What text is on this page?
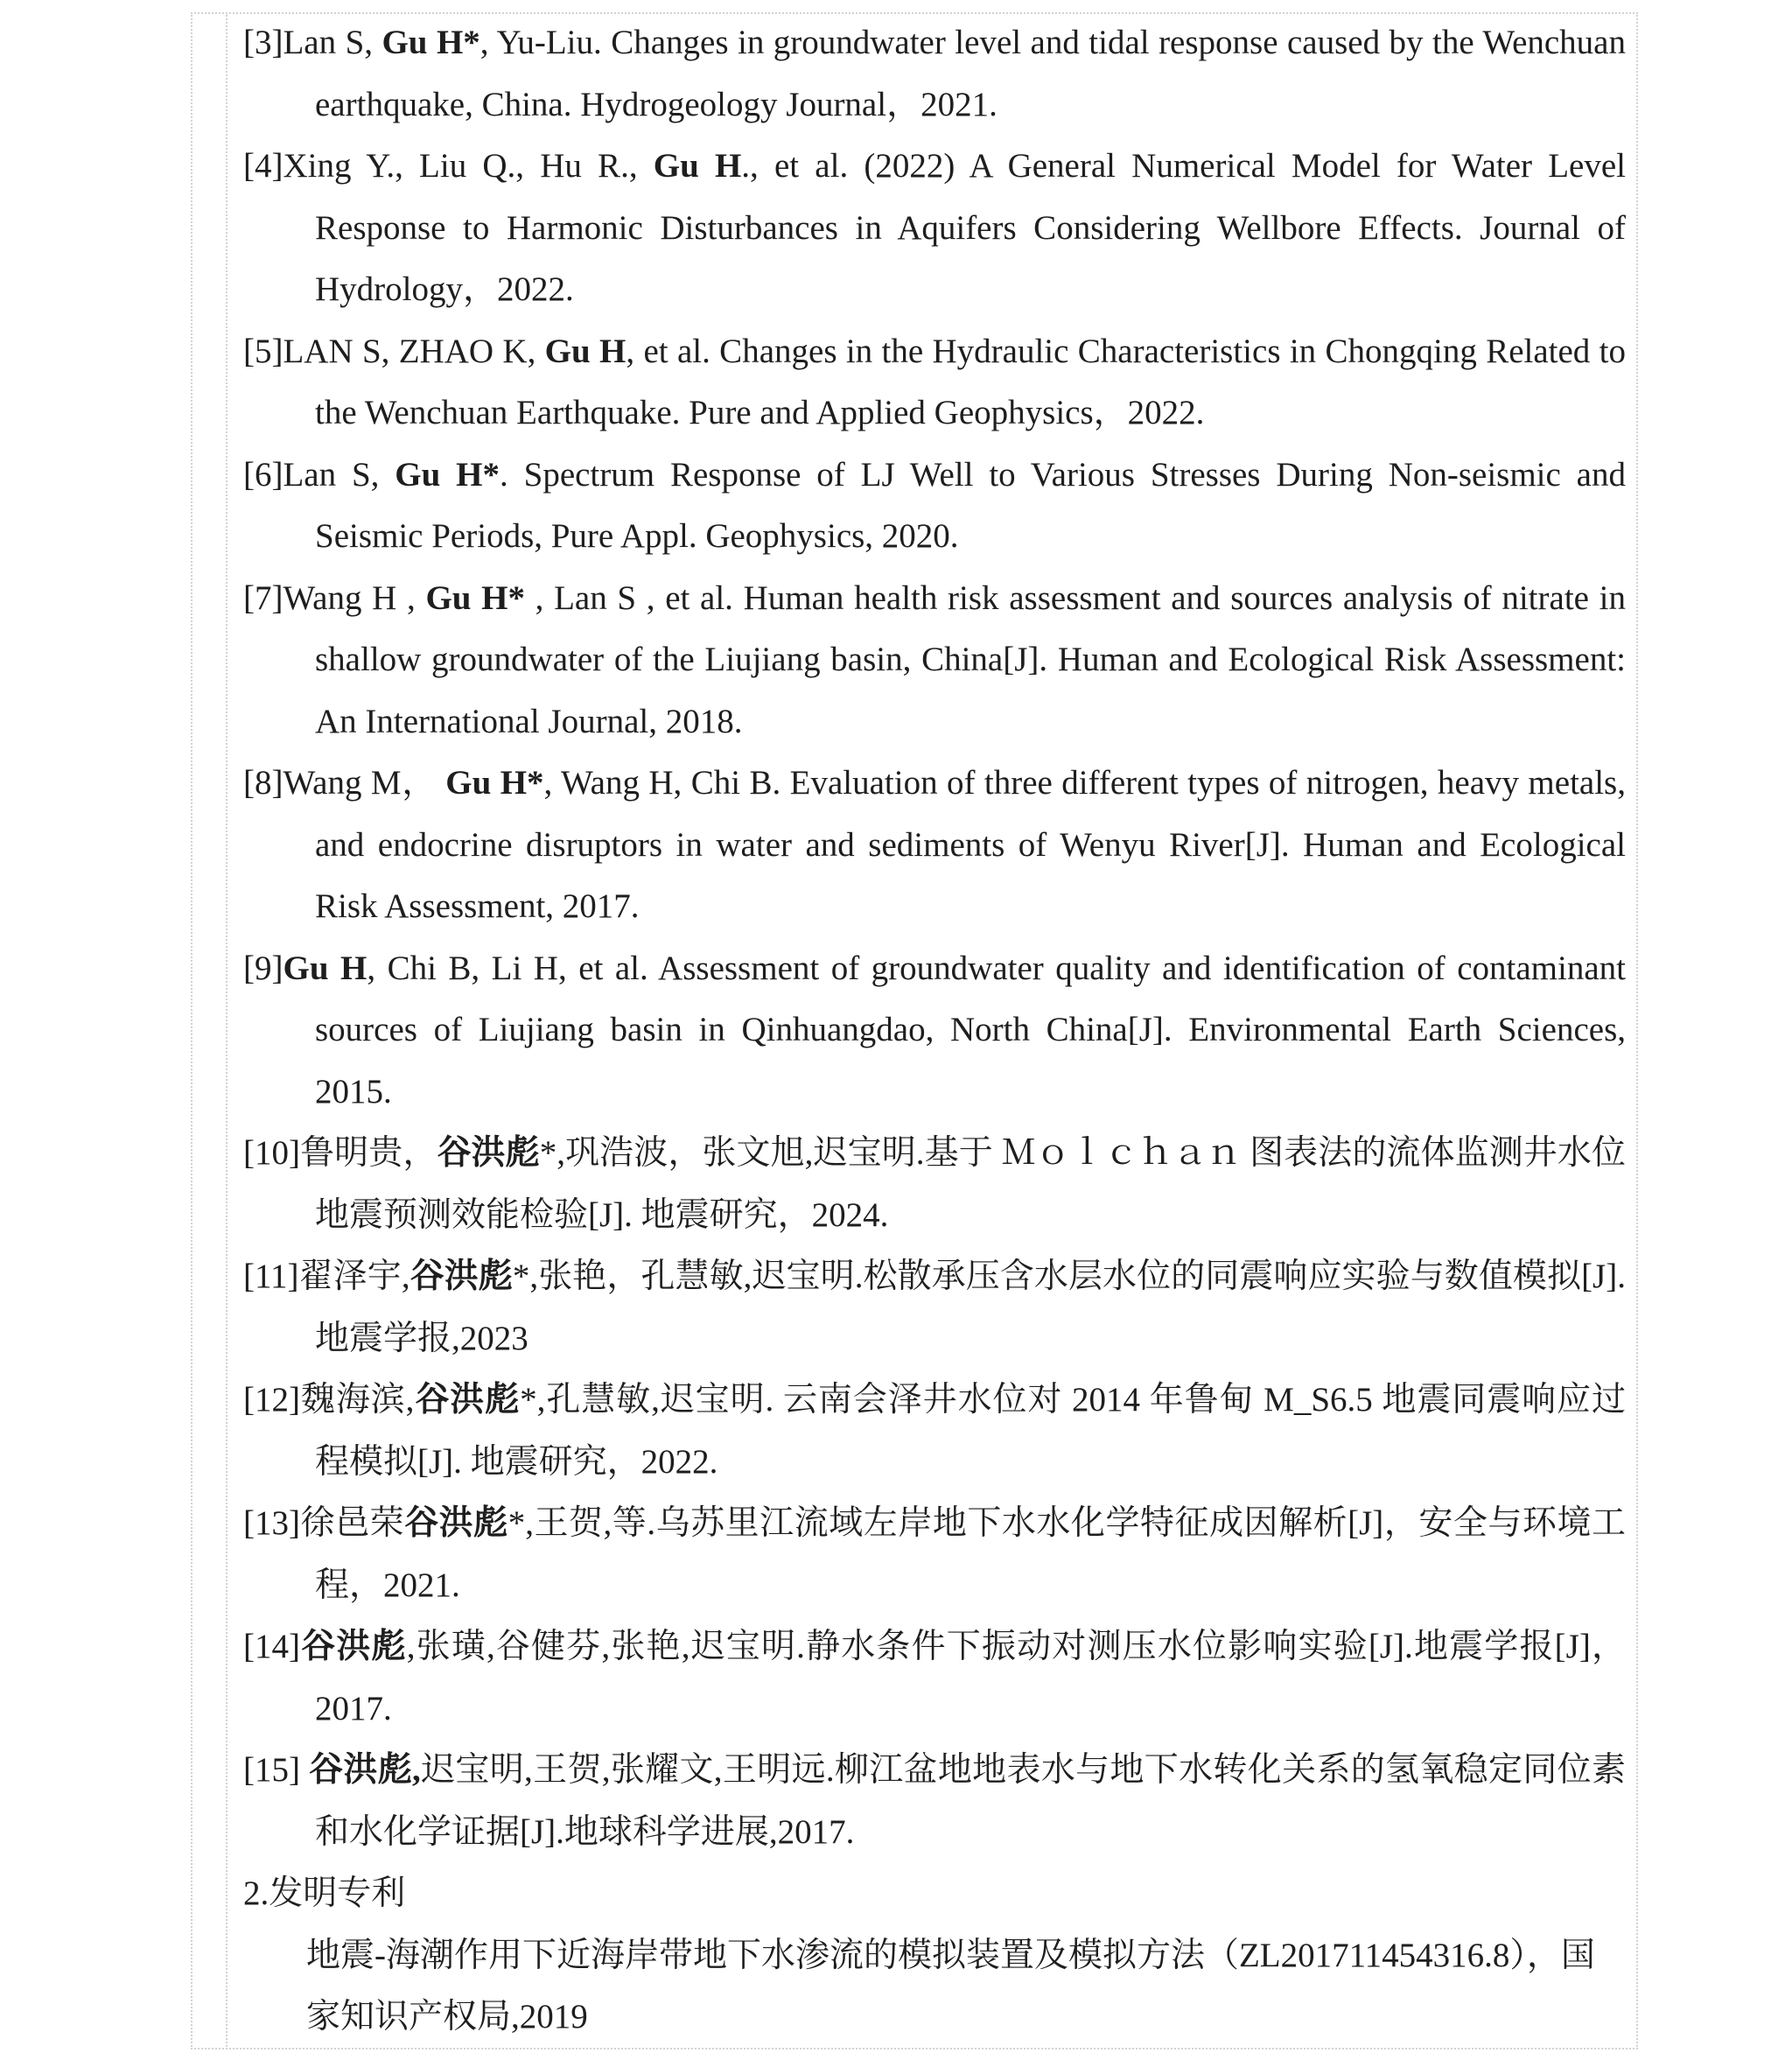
[3]Lan S, Gu H*, Yu-Liu. Changes in groundwater level and tidal response caused by the Wenchuan earthquake, China. Hydrogeology Journal，2021.

[4]Xing Y., Liu Q., Hu R., Gu H., et al. (2022) A General Numerical Model for Water Level Response to Harmonic Disturbances in Aquifers Considering Wellbore Effects. Journal of Hydrology，2022.

[5]LAN S, ZHAO K, Gu H, et al. Changes in the Hydraulic Characteristics in Chongqing Related to the Wenchuan Earthquake. Pure and Applied Geophysics，2022.

[6]Lan S, Gu H*. Spectrum Response of LJ Well to Various Stresses During Non-seismic and Seismic Periods, Pure Appl. Geophysics, 2020.

[7]Wang H , Gu H* , Lan S , et al. Human health risk assessment and sources analysis of nitrate in shallow groundwater of the Liujiang basin, China[J]. Human and Ecological Risk Assessment: An International Journal, 2018.

[8]Wang M， Gu H*, Wang H, Chi B. Evaluation of three different types of nitrogen, heavy metals, and endocrine disruptors in water and sediments of Wenyu River[J]. Human and Ecological Risk Assessment, 2017.

[9]Gu H, Chi B, Li H, et al. Assessment of groundwater quality and identification of contaminant sources of Liujiang basin in Qinhuangdao, North China[J]. Environmental Earth Sciences, 2015.

[10]鲁明贵，谷洪彪*,巩浩波，张文旭,迟宝明.基于 Ｍｏｌｃｈａｎ 图表法的流体监测井水位地震预测效能检验[J]. 地震研究，2024.

[11]翟泽宇,谷洪彪*,张艳，孔慧敏,迟宝明.松散承压含水层水位的同震响应实验与数值模拟[J]. 地震学报,2023

[12]魏海滨,谷洪彪*,孔慧敏,迟宝明. 云南会泽井水位对 2014 年鲁甸 M_S6.5 地震同震响应过程模拟[J]. 地震研究，2022.

[13]徐邑荣谷洪彪*,王贺,等.乌苏里江流域左岸地下水水化学特征成因解析[J]，安全与环境工程，2021.

[14]谷洪彪,张璜,谷健芬,张艳,迟宝明.静水条件下振动对测压水位影响实验[J].地震学报[J]，2017.

[15] 谷洪彪,迟宝明,王贺,张耀文,王明远.柳江盆地地表水与地下水转化关系的氢氧稳定同位素和水化学证据[J].地球科学进展,2017.

2.发明专利

地震-海潮作用下近海岸带地下水渗流的模拟装置及模拟方法（ZL201711454316.8），国家知识产权局,2019
